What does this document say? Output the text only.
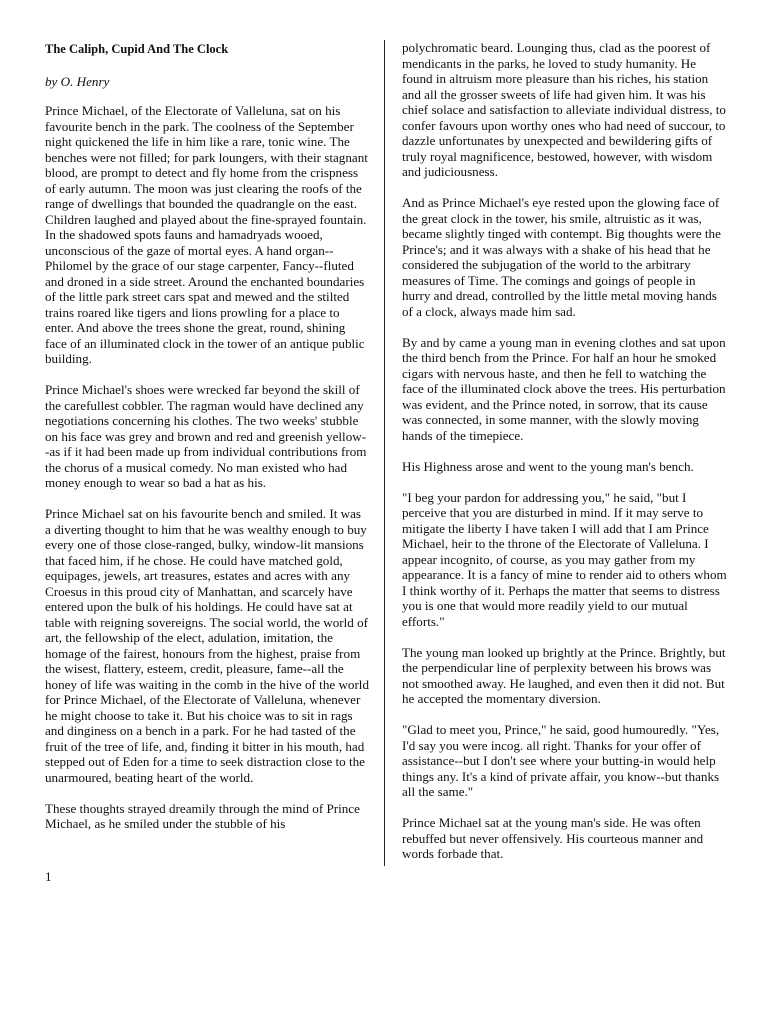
The Caliph, Cupid And The Clock

by O. Henry

Prince Michael, of the Electorate of Valleluna, sat on his favourite bench in the park. The coolness of the September night quickened the life in him like a rare, tonic wine. The benches were not filled; for park loungers, with their stagnant blood, are prompt to detect and fly home from the crispness of early autumn. The moon was just clearing the roofs of the range of dwellings that bounded the quadrangle on the east. Children laughed and played about the fine-sprayed fountain. In the shadowed spots fauns and hamadryads wooed, unconscious of the gaze of mortal eyes. A hand organ--Philomel by the grace of our stage carpenter, Fancy--fluted and droned in a side street. Around the enchanted boundaries of the little park street cars spat and mewed and the stilted trains roared like tigers and lions prowling for a place to enter. And above the trees shone the great, round, shining face of an illuminated clock in the tower of an antique public building.

Prince Michael's shoes were wrecked far beyond the skill of the carefullest cobbler. The ragman would have declined any negotiations concerning his clothes. The two weeks' stubble on his face was grey and brown and red and greenish yellow--as if it had been made up from individual contributions from the chorus of a musical comedy. No man existed who had money enough to wear so bad a hat as his.

Prince Michael sat on his favourite bench and smiled. It was a diverting thought to him that he was wealthy enough to buy every one of those close-ranged, bulky, window-lit mansions that faced him, if he chose. He could have matched gold, equipages, jewels, art treasures, estates and acres with any Croesus in this proud city of Manhattan, and scarcely have entered upon the bulk of his holdings. He could have sat at table with reigning sovereigns. The social world, the world of art, the fellowship of the elect, adulation, imitation, the homage of the fairest, honours from the highest, praise from the wisest, flattery, esteem, credit, pleasure, fame--all the honey of life was waiting in the comb in the hive of the world for Prince Michael, of the Electorate of Valleluna, whenever he might choose to take it. But his choice was to sit in rags and dinginess on a bench in a park. For he had tasted of the fruit of the tree of life, and, finding it bitter in his mouth, had stepped out of Eden for a time to seek distraction close to the unarmoured, beating heart of the world.

These thoughts strayed dreamily through the mind of Prince Michael, as he smiled under the stubble of his

polychromatic beard. Lounging thus, clad as the poorest of mendicants in the parks, he loved to study humanity. He found in altruism more pleasure than his riches, his station and all the grosser sweets of life had given him. It was his chief solace and satisfaction to alleviate individual distress, to confer favours upon worthy ones who had need of succour, to dazzle unfortunates by unexpected and bewildering gifts of truly royal magnificence, bestowed, however, with wisdom and judiciousness.

And as Prince Michael's eye rested upon the glowing face of the great clock in the tower, his smile, altruistic as it was, became slightly tinged with contempt. Big thoughts were the Prince's; and it was always with a shake of his head that he considered the subjugation of the world to the arbitrary measures of Time. The comings and goings of people in hurry and dread, controlled by the little metal moving hands of a clock, always made him sad.

By and by came a young man in evening clothes and sat upon the third bench from the Prince. For half an hour he smoked cigars with nervous haste, and then he fell to watching the face of the illuminated clock above the trees. His perturbation was evident, and the Prince noted, in sorrow, that its cause was connected, in some manner, with the slowly moving hands of the timepiece.

His Highness arose and went to the young man's bench.

"I beg your pardon for addressing you," he said, "but I perceive that you are disturbed in mind. If it may serve to mitigate the liberty I have taken I will add that I am Prince Michael, heir to the throne of the Electorate of Valleluna. I appear incognito, of course, as you may gather from my appearance. It is a fancy of mine to render aid to others whom I think worthy of it. Perhaps the matter that seems to distress you is one that would more readily yield to our mutual efforts."

The young man looked up brightly at the Prince. Brightly, but the perpendicular line of perplexity between his brows was not smoothed away. He laughed, and even then it did not. But he accepted the momentary diversion.

"Glad to meet you, Prince," he said, good humouredly. "Yes, I'd say you were incog. all right. Thanks for your offer of assistance--but I don't see where your butting-in would help things any. It's a kind of private affair, you know--but thanks all the same."

Prince Michael sat at the young man's side. He was often rebuffed but never offensively. His courteous manner and words forbade that.

1
